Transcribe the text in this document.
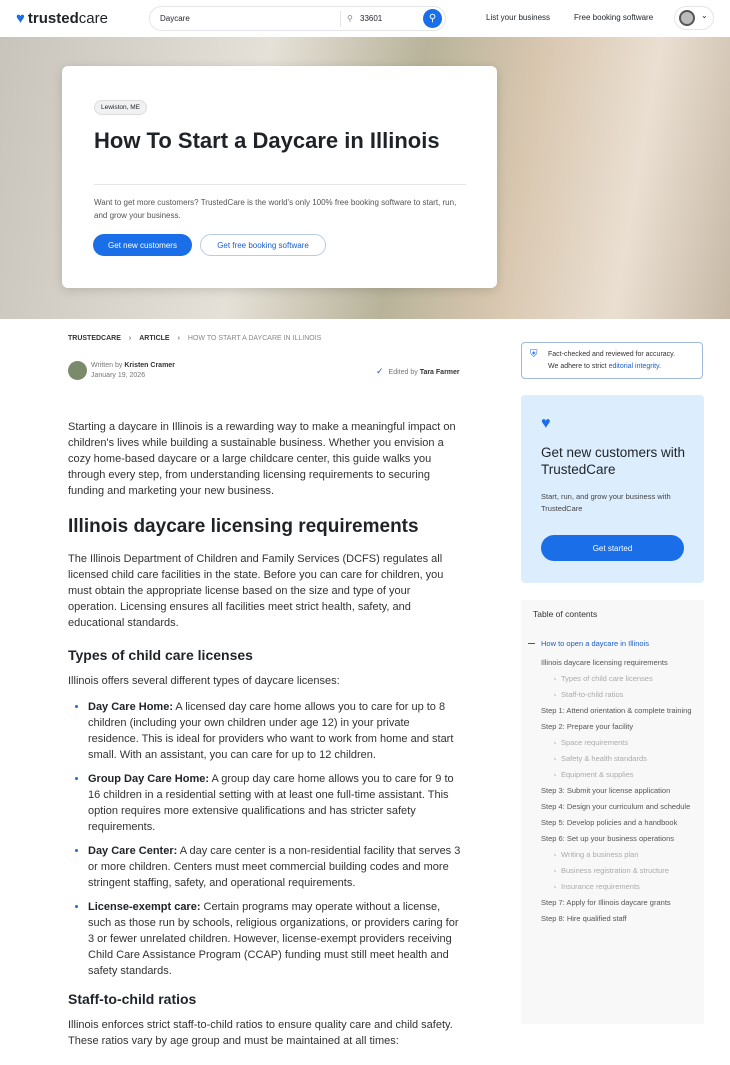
♥ trusted care	Daycare	⚲ 33601	⚲	List your business	Free booking software	⌄
Lewiston, ME
How To Start a Daycare in Illinois

Want to get more customers? TrustedCare is the world's only 100% free booking software to start, run, and grow your business.

Get new customers	Get free booking software
TRUSTEDCARE › ARTICLE › HOW TO START A DAYCARE IN ILLINOIS
Written by Kristen Cramer
January 19, 2026	✓ Edited by Tara Farmer
⛨ Fact-checked and reviewed for accuracy.
We adhere to strict editorial integrity.

Starting a daycare in Illinois is a rewarding way to make a meaningful impact on children's lives while building a sustainable business. Whether you envision a cozy home-based daycare or a large childcare center, this guide walks you through every step, from understanding licensing requirements to securing funding and marketing your new business.

Illinois daycare licensing requirements

The Illinois Department of Children and Family Services (DCFS) regulates all licensed child care facilities in the state. Before you can care for children, you must obtain the appropriate license based on the size and type of your operation. Licensing ensures all facilities meet strict health, safety, and educational standards.

Types of child care licenses

Illinois offers several different types of daycare licenses:

• Day Care Home: A licensed day care home allows you to care for up to 8 children (including your own children under age 12) in your private residence. This is ideal for providers who want to work from home and start small. With an assistant, you can care for up to 12 children.
• Group Day Care Home: A group day care home allows you to care for 9 to 16 children in a residential setting with at least one full-time assistant. This option requires more extensive qualifications and has stricter safety requirements.
• Day Care Center: A day care center is a non-residential facility that serves 3 or more children. Centers must meet commercial building codes and more stringent staffing, safety, and operational requirements.
• License-exempt care: Certain programs may operate without a license, such as those run by schools, religious organizations, or providers caring for 3 or fewer unrelated children. However, license-exempt providers receiving Child Care Assistance Program (CCAP) funding must still meet health and safety standards.
Staff-to-child ratios

Illinois enforces strict staff-to-child ratios to ensure quality care and child safety. These ratios vary by age group and must be maintained at all times:

♥
Get new customers with TrustedCare

Start, run, and grow your business with TrustedCare

Get started
Table of contents
How to open a daycare in Illinois
Illinois daycare licensing requirements
Types of child care licenses
Staff-to-child ratios
Step 1: Attend orientation & complete training
Step 2: Prepare your facility
Space requirements
Safety & health standards
Equipment & supplies
Step 3: Submit your license application
Step 4: Design your curriculum and schedule
Step 5: Develop policies and a handbook
Step 6: Set up your business operations
Writing a business plan
Business registration & structure
Insurance requirements
Step 7: Apply for Illinois daycare grants
Step 8: Hire qualified staff
